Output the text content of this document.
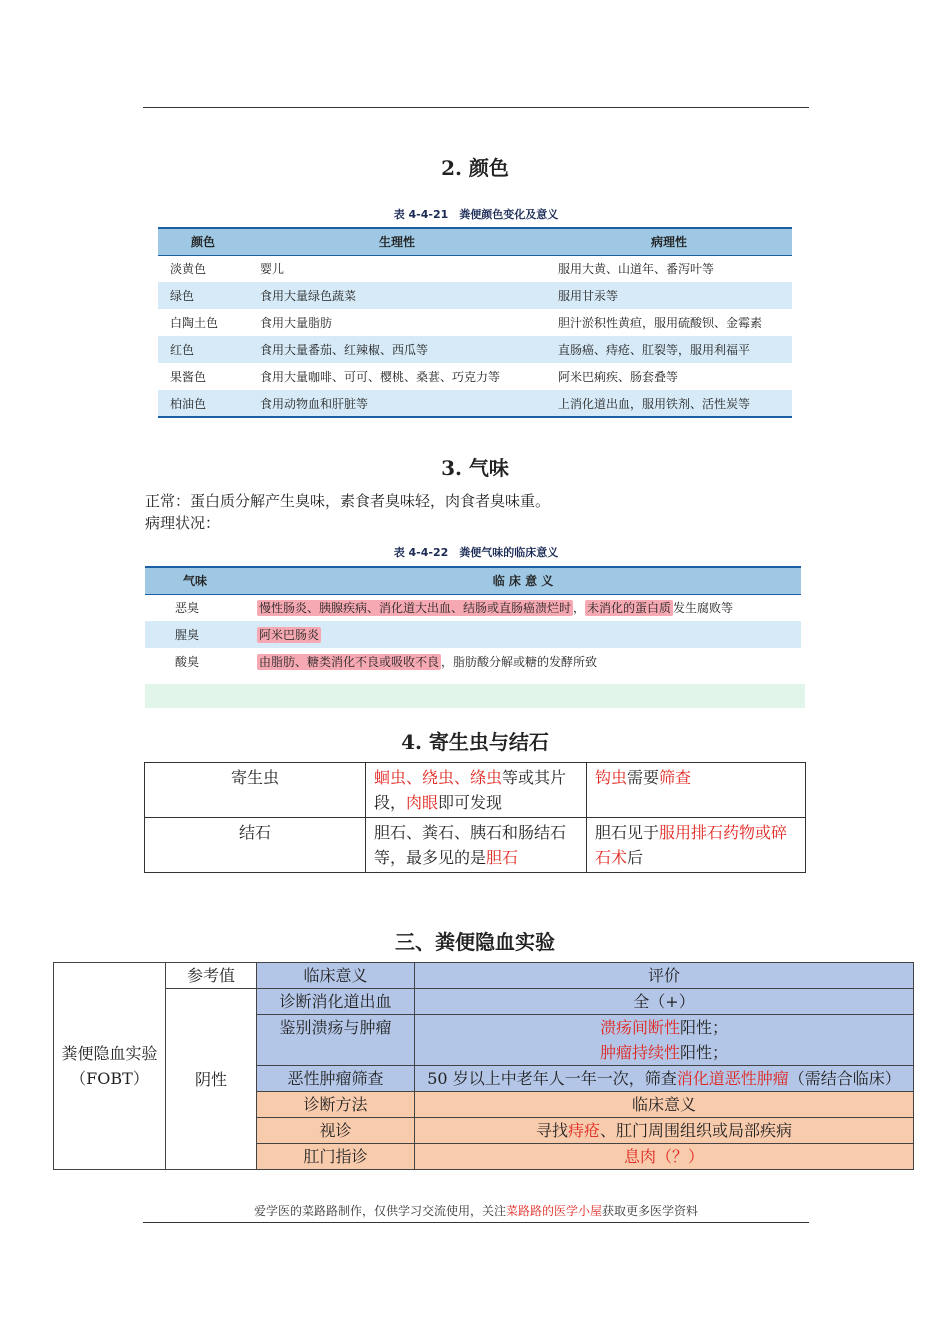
2. 颜色
表 4-4-21　粪便颜色变化及意义
颜色	生理性	病理性
淡黄色	婴儿	服用大黄、山道年、番泻叶等
绿色	食用大量绿色蔬菜	服用甘汞等
白陶土色	食用大量脂肪	胆汁淤积性黄疸，服用硫酸钡、金霉素
红色	食用大量番茄、红辣椒、西瓜等	直肠癌、痔疮、肛裂等，服用利福平
果酱色	食用大量咖啡、可可、樱桃、桑葚、巧克力等	阿米巴痢疾、肠套叠等
柏油色	食用动物血和肝脏等	上消化道出血，服用铁剂、活性炭等
3. 气味
正常：蛋白质分解产生臭味，素食者臭味轻，肉食者臭味重。
病理状况：
表 4-4-22　粪便气味的临床意义
气味	临 床 意 义
恶臭	慢性肠炎、胰腺疾病、消化道大出血、结肠或直肠癌溃烂时 ， 未消化的蛋白质 发生腐败等
腥臭	阿米巴肠炎
酸臭	由脂肪、糖类消化不良或吸收不良 ，脂肪酸分解或糖的发酵所致
4. 寄生虫与结石
寄生虫	蛔虫、绕虫、绦虫等或其片段，肉眼即可发现	钩虫需要筛查
结石	胆石、粪石、胰石和肠结石等，最多见的是胆石	胆石见于服用排石药物或碎石术后
三、粪便隐血实验
粪便隐血实验（FOBT）	参考值	临床意义	评价
	阴性	诊断消化道出血	全（+）
		鉴别溃疡与肿瘤	溃疡间断性阳性；
肿瘤持续性阳性；
		恶性肿瘤筛查	50 岁以上中老年人一年一次，筛查消化道恶性肿瘤（需结合临床）
		诊断方法	临床意义
		视诊	寻找痔疮、肛门周围组织或局部疾病
		肛门指诊	息肉（？）
爱学医的菜路路制作，仅供学习交流使用，关注菜路路的医学小屋获取更多医学资料
